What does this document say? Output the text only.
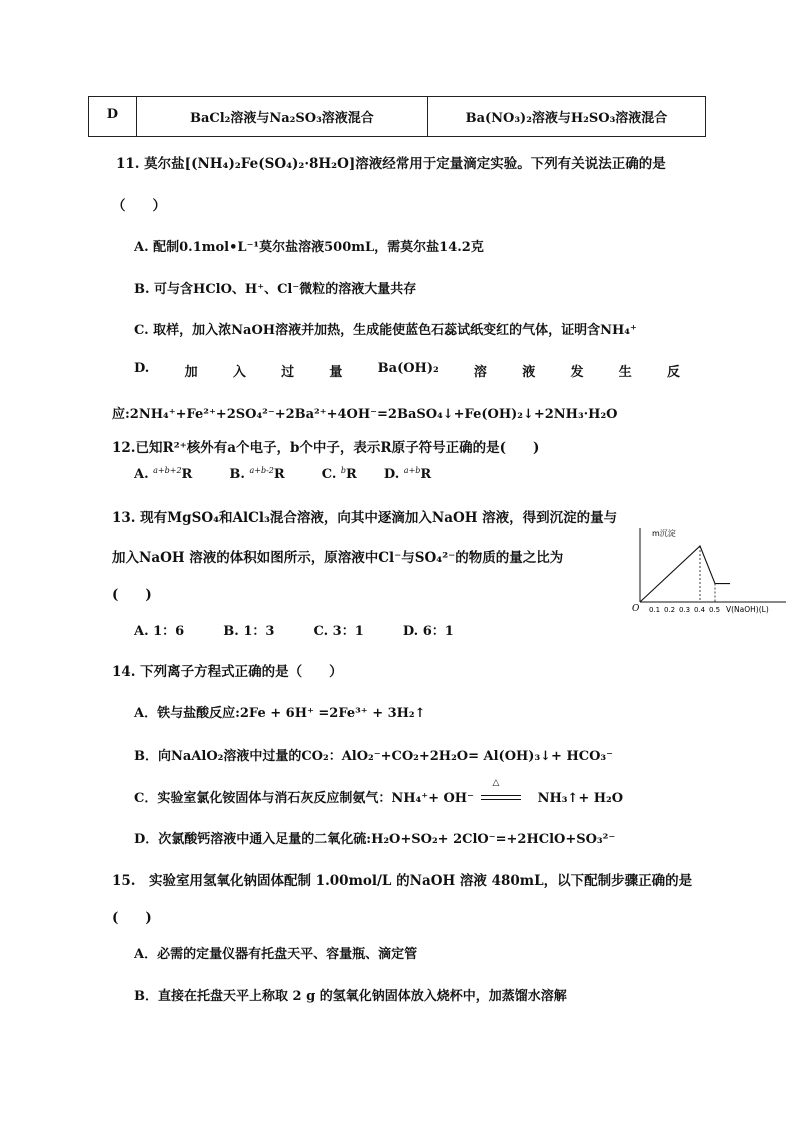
D	BaCl₂溶液与Na₂SO₃溶液混合	Ba(NO₃)₂溶液与H₂SO₃溶液混合
11. 莫尔盐[(NH₄)₂Fe(SO₄)₂·8H₂O]溶液经常用于定量滴定实验。下列有关说法正确的是
（　　）
A. 配制0.1mol•L⁻¹莫尔盐溶液500mL，需莫尔盐14.2克
B. 可与含HClO、H⁺、Cl⁻微粒的溶液大量共存
C. 取样，加入浓NaOH溶液并加热，生成能使蓝色石蕊试纸变红的气体，证明含NH₄⁺
D.	加	入	过	量	Ba(OH)₂	溶	液	发	生	反
应:2NH₄⁺+Fe²⁺+2SO₄²⁻+2Ba²⁺+4OH⁻=2BaSO₄↓+Fe(OH)₂↓+2NH₃·H₂O
12.已知R²⁺核外有a个电子，b个中子，表示R原子符号正确的是(　　)
A. $^{a+b+2}$R	B. $^{a+b-2}$R	C. $^b$R D. $^{a+b}$R
13. 现有MgSO₄和AlCl₃混合溶液，向其中逐滴加入NaOH 溶液，得到沉淀的量与
加入NaOH 溶液的体积如图所示，原溶液中Cl⁻与SO₄²⁻的物质的量之比为
(　　)
A. 1：6	B. 1：3	C. 3：1	D. 6：1
m沉淀
O 0.1 0.2 0.3 0.4 0.5 V(NaOH)(L)
14. 下列离子方程式正确的是（　　）
A．铁与盐酸反应:2Fe + 6H⁺ =2Fe³⁺ + 3H₂↑
B．向NaAlO₂溶液中过量的CO₂：AlO₂⁻+CO₂+2H₂O= Al(OH)₃↓+ HCO₃⁻
C．实验室氯化铵固体与消石灰反应制氨气：NH₄⁺+ OH⁻
△
NH₃↑+ H₂O
D．次氯酸钙溶液中通入足量的二氧化硫:H₂O+SO₂+ 2ClO⁻=+2HClO+SO₃²⁻
15.　实验室用氢氧化钠固体配制 1.00mol/L 的NaOH 溶液 480mL，以下配制步骤正确的是
(　　)
A．必需的定量仪器有托盘天平、容量瓶、滴定管
B．直接在托盘天平上称取 2 g 的氢氧化钠固体放入烧杯中，加蒸馏水溶解
